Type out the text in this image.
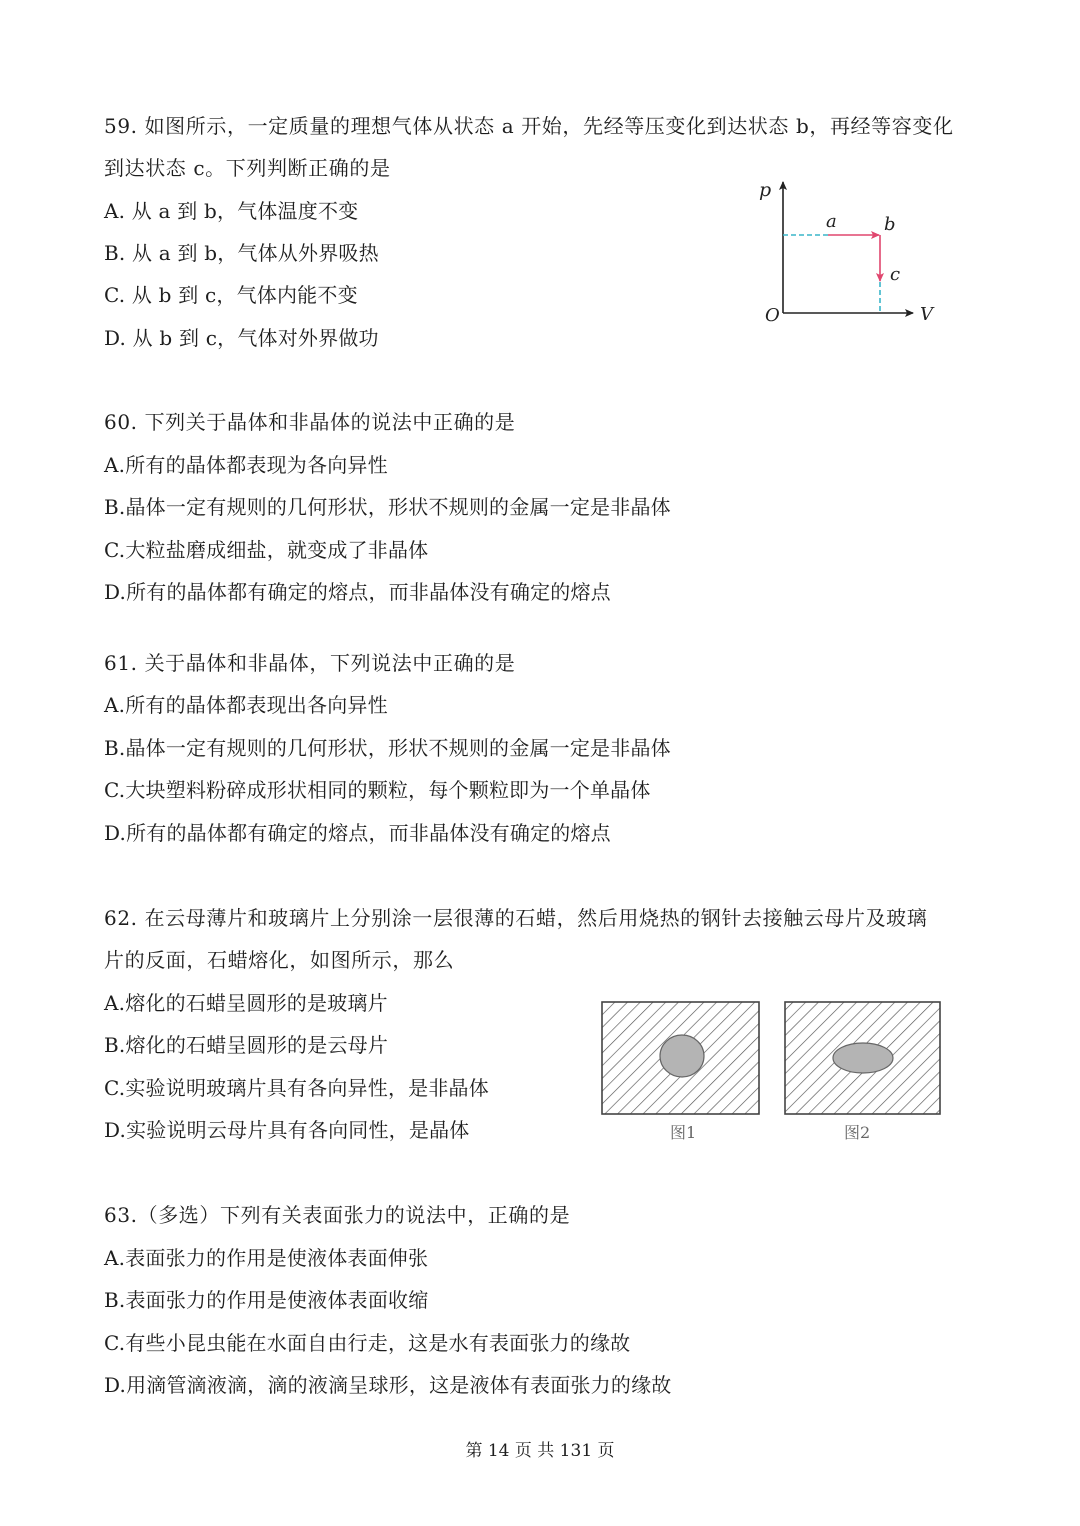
59. 如图所示，一定质量的理想气体从状态 a 开始，先经等压变化到达状态 b，再经等容变化
到达状态 c。下列判断正确的是
A. 从 a 到 b，气体温度不变
B. 从 a 到 b，气体从外界吸热
C. 从 b 到 c，气体内能不变
D. 从 b 到 c，气体对外界做功
p
V
O
a	b
c
60. 下列关于晶体和非晶体的说法中正确的是
A.所有的晶体都表现为各向异性
B.晶体一定有规则的几何形状，形状不规则的金属一定是非晶体
C.大粒盐磨成细盐，就变成了非晶体
D.所有的晶体都有确定的熔点，而非晶体没有确定的熔点
61. 关于晶体和非晶体，下列说法中正确的是
A.所有的晶体都表现出各向异性
B.晶体一定有规则的几何形状，形状不规则的金属一定是非晶体
C.大块塑料粉碎成形状相同的颗粒，每个颗粒即为一个单晶体
D.所有的晶体都有确定的熔点，而非晶体没有确定的熔点
62. 在云母薄片和玻璃片上分别涂一层很薄的石蜡，然后用烧热的钢针去接触云母片及玻璃
片的反面，石蜡熔化，如图所示，那么
A.熔化的石蜡呈圆形的是玻璃片
B.熔化的石蜡呈圆形的是云母片
C.实验说明玻璃片具有各向异性，是非晶体
D.实验说明云母片具有各向同性，是晶体	图1	图2
63.（多选）下列有关表面张力的说法中，正确的是
A.表面张力的作用是使液体表面伸张
B.表面张力的作用是使液体表面收缩
C.有些小昆虫能在水面自由行走，这是水有表面张力的缘故
D.用滴管滴液滴，滴的液滴呈球形，这是液体有表面张力的缘故
第 14 页 共 131 页
